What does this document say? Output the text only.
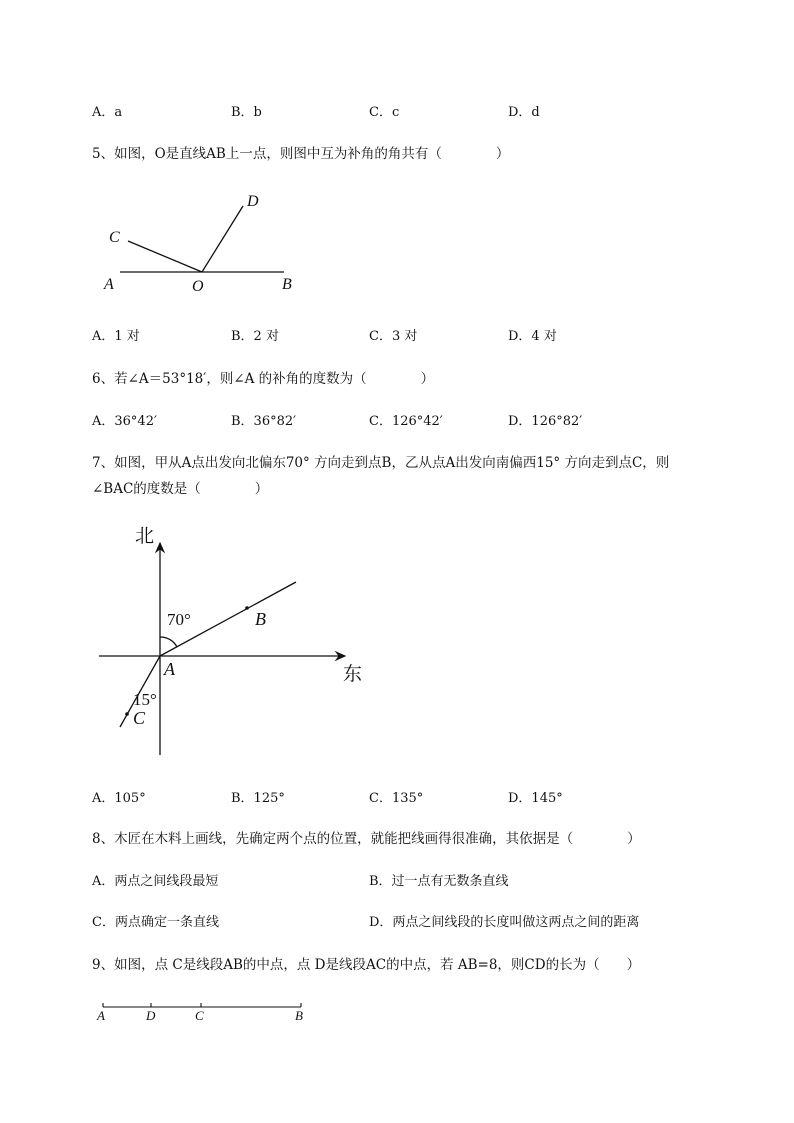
A．a	B．b	C．c	D．d
5、如图，O是直线AB上一点，则图中互为补角的角共有（　　　　）
C
D
A	O	B
A．1 对	B．2 对	C．3 对	D．4 对
6、若∠A＝53°18′，则∠A 的补角的度数为（　　　　）
A．36°42′	B．36°82′	C．126°42′	D．126°82′
7、如图，甲从A点出发向北偏东70° 方向走到点B，乙从点A出发向南偏西15° 方向走到点C，则
∠BAC的度数是（　　　　）
北
东
70°
15°
B
A
C
A．105°	B．125°	C．135°	D．145°
8、木匠在木料上画线，先确定两个点的位置，就能把线画得很准确，其依据是（　　　　）
A．两点之间线段最短	B．过一点有无数条直线
C．两点确定一条直线	D．两点之间线段的长度叫做这两点之间的距离
9、如图，点 C是线段AB的中点，点 D是线段AC的中点，若 AB=8，则CD的长为（　　）
A	D	C	B
